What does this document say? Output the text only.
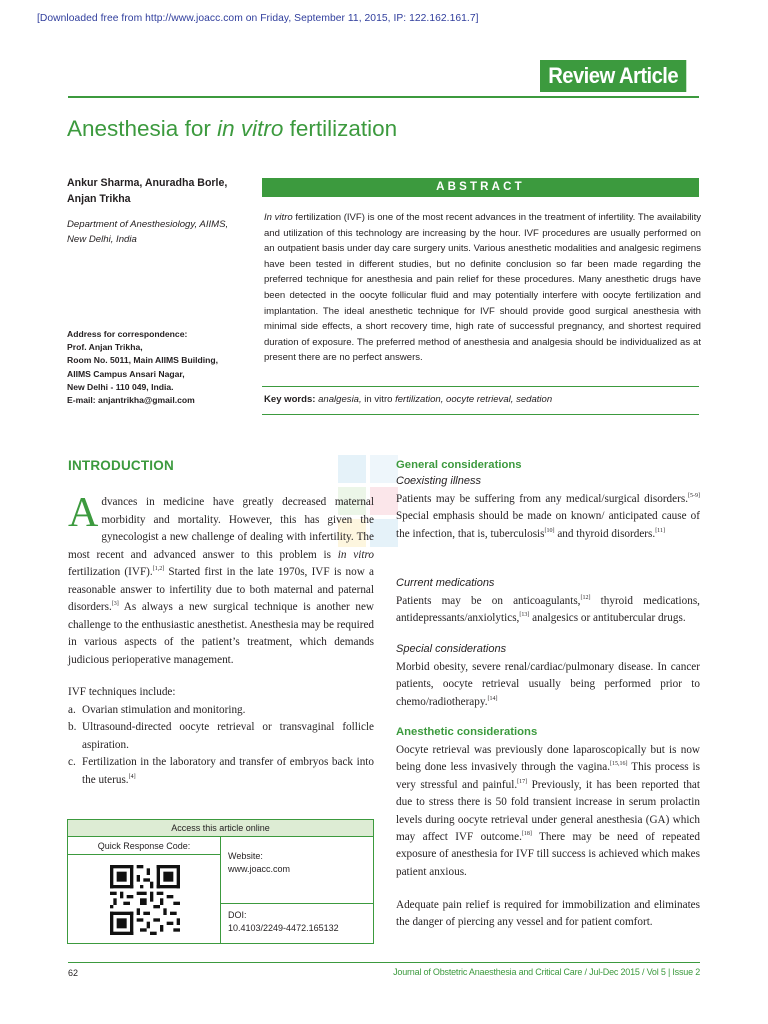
[Downloaded free from http://www.joacc.com on Friday, September 11, 2015, IP: 122.162.161.7]
Review Article
Anesthesia for in vitro fertilization
Ankur Sharma, Anuradha Borle,
Anjan Trikha
Department of Anesthesiology, AIIMS,
New Delhi, India
Address for correspondence:
Prof. Anjan Trikha,
Room No. 5011, Main AIIMS Building,
AIIMS Campus Ansari Nagar,
New Delhi - 110 049, India.
E-mail: anjantrikha@gmail.com
ABSTRACT
In vitro fertilization (IVF) is one of the most recent advances in the treatment of infertility. The availability and utilization of this technology are increasing by the hour. IVF procedures are usually performed on an outpatient basis under day care surgery units. Various anesthetic modalities and analgesic regimens have been tested in different studies, but no definite conclusion so far been made regarding the preferred technique for anesthesia and pain relief for these procedures. Many anesthetic drugs have been detected in the oocyte follicular fluid and may potentially interfere with oocyte fertilization and implantation. The ideal anesthetic technique for IVF should provide good surgical anesthesia with minimal side effects, a short recovery time, high rate of successful pregnancy, and shortest required duration of exposure. The preferred method of anesthesia and analgesia should be individualized as at present there are no perfect answers.
Key words: analgesia, in vitro fertilization, oocyte retrieval, sedation
INTRODUCTION
Advances in medicine have greatly decreased maternal morbidity and mortality. However, this has given the gynecologist a new challenge of dealing with infertility. The most recent and advanced answer to this problem is in vitro fertilization (IVF).[1,2] Started first in the late 1970s, IVF is now a reasonable answer to infertility due to both maternal and paternal disorders.[3] As always a new surgical technique is another new challenge to the enthusiastic anesthetist. Anesthesia may be required in various aspects of the patient’s treatment, which demands judicious perioperative management.
IVF techniques include:
a. Ovarian stimulation and monitoring.
b. Ultrasound-directed oocyte retrieval or transvaginal follicle aspiration.
c. Fertilization in the laboratory and transfer of embryos back into the uterus.[4]
Access this article online
Quick Response Code:
Website:
www.joacc.com
DOI:
10.4103/2249-4472.165132
General considerations
Coexisting illness
Patients may be suffering from any medical/surgical disorders.[5-9] Special emphasis should be made on known/ anticipated cause of the infection, that is, tuberculosis[10] and thyroid disorders.[11]
Current medications
Patients may be on anticoagulants,[12] thyroid medications, antidepressants/anxiolytics,[13] analgesics or antitubercular drugs.
Special considerations
Morbid obesity, severe renal/cardiac/pulmonary disease. In cancer patients, oocyte retrieval usually being performed prior to chemo/radiotherapy.[14]
Anesthetic considerations
Oocyte retrieval was previously done laparoscopically but is now being done less invasively through the vagina.[15,16] This process is very stressful and painful.[17] Previously, it has been reported that due to stress there is 50 fold transient increase in serum prolactin levels during oocyte retrieval under general anesthesia (GA) which may affect IVF outcome.[18] There may be need of repeated exposure of anesthesia for IVF till success is achieved which makes patient anxious.
Adequate pain relief is required for immobilization and eliminates the danger of piercing any vessel and for patient comfort.
62	Journal of Obstetric Anaesthesia and Critical Care / Jul-Dec 2015 / Vol 5 | Issue 2
